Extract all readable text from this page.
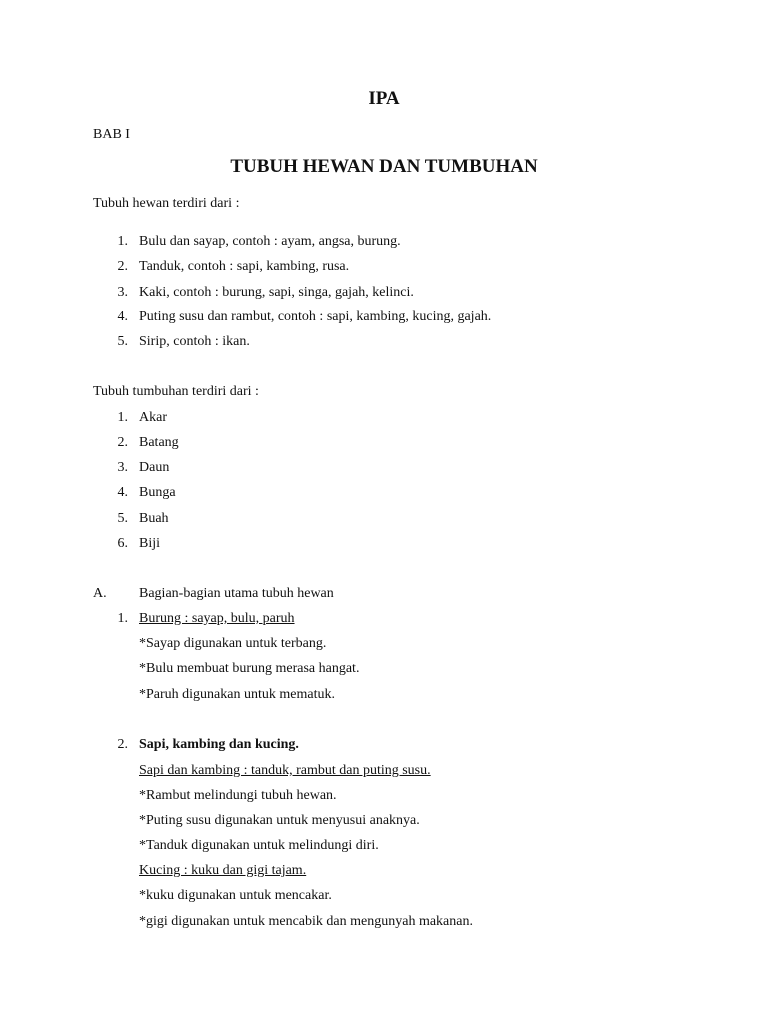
IPA
BAB I
TUBUH HEWAN DAN TUMBUHAN
Tubuh hewan terdiri dari :
1. Bulu dan sayap, contoh : ayam, angsa, burung.
2. Tanduk, contoh : sapi, kambing, rusa.
3. Kaki, contoh : burung, sapi, singa, gajah, kelinci.
4. Puting susu dan rambut, contoh : sapi, kambing, kucing, gajah.
5. Sirip, contoh : ikan.
Tubuh tumbuhan terdiri dari :
1. Akar
2. Batang
3. Daun
4. Bunga
5. Buah
6. Biji
A. Bagian-bagian utama tubuh hewan
1. Burung : sayap, bulu, paruh
*Sayap digunakan untuk terbang.
*Bulu membuat burung merasa hangat.
*Paruh digunakan untuk mematuk.
2. Sapi, kambing dan kucing.
Sapi dan kambing : tanduk, rambut dan puting susu.
*Rambut melindungi tubuh hewan.
*Puting susu digunakan untuk menyusui anaknya.
*Tanduk digunakan untuk melindungi diri.
Kucing : kuku dan gigi tajam.
*kuku digunakan untuk mencakar.
*gigi digunakan untuk mencabik dan mengunyah makanan.
